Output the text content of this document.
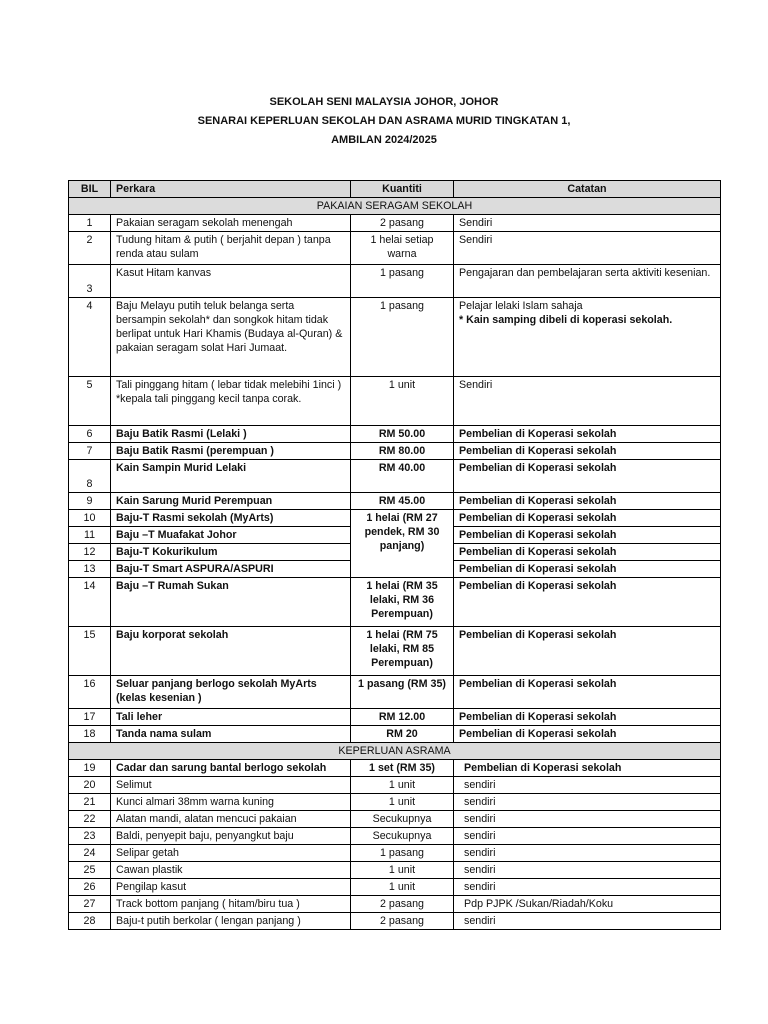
SEKOLAH SENI MALAYSIA JOHOR, JOHOR
SENARAI KEPERLUAN SEKOLAH DAN ASRAMA MURID TINGKATAN 1,
AMBILAN 2024/2025
BIL	Perkara	Kuantiti	Catatan
PAKAIAN SERAGAM SEKOLAH			
1	Pakaian seragam sekolah menengah	2 pasang	Sendiri
2	Tudung hitam & putih ( berjahit depan ) tanpa renda atau sulam	1 helai setiap warna	Sendiri
3	Kasut Hitam kanvas	1 pasang	Pengajaran dan pembelajaran serta aktiviti kesenian.
4	Baju Melayu putih teluk belanga serta bersampin sekolah* dan songkok hitam tidak berlipat untuk Hari Khamis (Budaya al-Quran) & pakaian seragam solat Hari Jumaat.	1 pasang	Pelajar lelaki Islam sahaja
* Kain samping dibeli di koperasi sekolah.

5	Tali pinggang hitam ( lebar tidak melebihi 1inci )
*kepala tali pinggang kecil tanpa corak.	1 unit	Sendiri
6	Baju Batik Rasmi (Lelaki )	RM 50.00	Pembelian di Koperasi sekolah
7	Baju Batik Rasmi (perempuan )	RM 80.00	Pembelian di Koperasi sekolah
8	Kain Sampin Murid Lelaki	RM 40.00	Pembelian di Koperasi sekolah
9	Kain Sarung Murid Perempuan	RM 45.00	Pembelian di Koperasi sekolah
10	Baju-T Rasmi sekolah (MyArts)	1 helai (RM 27 pendek, RM 30 panjang)	Pembelian di Koperasi sekolah
11	Baju –T Muafakat Johor		Pembelian di Koperasi sekolah
12	Baju-T Kokurikulum		Pembelian di Koperasi sekolah
13	Baju-T Smart ASPURA/ASPURI		Pembelian di Koperasi sekolah
14	Baju –T Rumah Sukan	1 helai (RM 35 lelaki, RM 36 Perempuan)	Pembelian di Koperasi sekolah
15	Baju korporat sekolah	1 helai (RM 75 lelaki, RM 85 Perempuan)	Pembelian di Koperasi sekolah
16	Seluar panjang berlogo sekolah MyArts (kelas kesenian )	1 pasang (RM 35)	Pembelian di Koperasi sekolah
17	Tali leher	RM 12.00	Pembelian di Koperasi sekolah
18	Tanda nama sulam	RM 20	Pembelian di Koperasi sekolah
KEPERLUAN ASRAMA			
19	Cadar dan sarung bantal berlogo sekolah	1 set (RM 35)	Pembelian di Koperasi sekolah
20	Selimut	1 unit	sendiri
21	Kunci almari 38mm warna kuning	1 unit	sendiri
22	Alatan mandi, alatan mencuci pakaian	Secukupnya	sendiri
23	Baldi, penyepit baju, penyangkut baju	Secukupnya	sendiri
24	Selipar getah	1 pasang	sendiri
25	Cawan plastik	1 unit	sendiri
26	Pengilap kasut	1 unit	sendiri
27	Track bottom panjang ( hitam/biru tua )	2 pasang	Pdp PJPK /Sukan/Riadah/Koku
28	Baju-t putih berkolar ( lengan panjang )	2 pasang	sendiri
